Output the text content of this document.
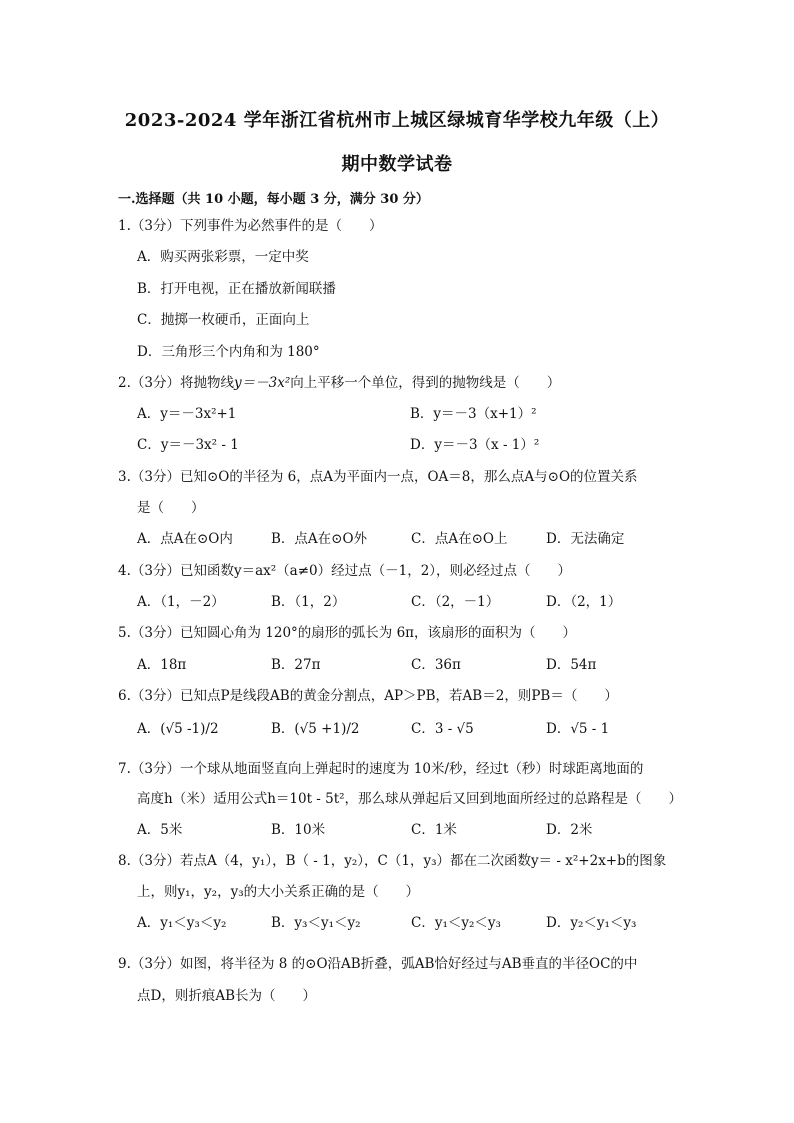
2023-2024 学年浙江省杭州市上城区绿城育华学校九年级（上）
期中数学试卷
一.选择题（共 10 小题，每小题 3 分，满分 30 分）
1.（3分）下列事件为必然事件的是（　　）
A．购买两张彩票，一定中奖
B．打开电视，正在播放新闻联播
C．抛掷一枚硬币，正面向上
D．三角形三个内角和为 180°
2.（3分）将抛物线y＝－3x²向上平移一个单位，得到的抛物线是（　　）
A．y＝－3x²+1	B．y＝－3（x+1）²
C．y＝－3x² - 1	D．y＝－3（x - 1）²
3.（3分）已知⊙O的半径为 6，点A为平面内一点，OA＝8，那么点A与⊙O的位置关系
是（　　）
A．点A在⊙O内	B．点A在⊙O外	C．点A在⊙O上	D．无法确定
4.（3分）已知函数y＝ax²（a≠0）经过点（－1，2），则必经过点（　　）
A．（1，－2）	B．（1，2）	C．（2，－1）	D．（2，1）
5.（3分）已知圆心角为 120°的扇形的弧长为 6π，该扇形的面积为（　　）
A．18π	B．27π	C．36π	D．54π
6.（3分）已知点P是线段AB的黄金分割点，AP＞PB，若AB＝2，则PB＝（　　）
A．(√5 -1)/2	B．(√5 +1)/2	C．3 - √5	D．√5 - 1
7.（3分）一个球从地面竖直向上弹起时的速度为 10米/秒，经过t（秒）时球距离地面的
高度h（米）适用公式h＝10t - 5t²，那么球从弹起后又回到地面所经过的总路程是（　　）
A．5米	B．10米	C．1米	D．2米
8.（3分）若点A（4，y₁），B（ - 1，y₂），C（1，y₃）都在二次函数y＝ - x²+2x+b的图象
上，则y₁，y₂，y₃的大小关系正确的是（　　）
A．y₁＜y₃＜y₂	B．y₃＜y₁＜y₂	C．y₁＜y₂＜y₃	D．y₂＜y₁＜y₃
9.（3分）如图，将半径为 8 的⊙O沿AB折叠，弧AB恰好经过与AB垂直的半径OC的中
点D，则折痕AB长为（　　）
